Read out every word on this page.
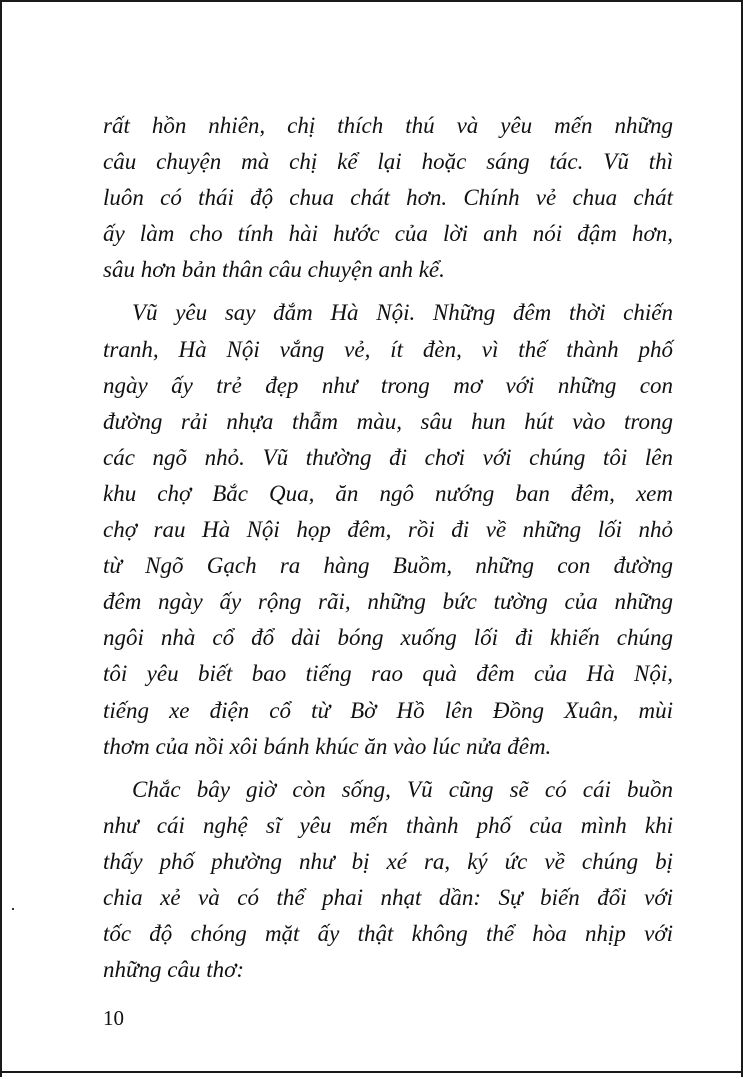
rất hồn nhiên, chị thích thú và yêu mến những
câu chuyện mà chị kể lại hoặc sáng tác. Vũ thì
luôn có thái độ chua chát hơn. Chính vẻ chua chát
ấy làm cho tính hài hước của lời anh nói đậm hơn,
sâu hơn bản thân câu chuyện anh kể.
Vũ yêu say đắm Hà Nội. Những đêm thời chiến
tranh, Hà Nội vắng vẻ, ít đèn, vì thế thành phố
ngày ấy trẻ đẹp như trong mơ với những con
đường rải nhựa thẫm màu, sâu hun hút vào trong
các ngõ nhỏ. Vũ thường đi chơi với chúng tôi lên
khu chợ Bắc Qua, ăn ngô nướng ban đêm, xem
chợ rau Hà Nội họp đêm, rồi đi về những lối nhỏ
từ Ngõ Gạch ra hàng Buồm, những con đường
đêm ngày ấy rộng rãi, những bức tường của những
ngôi nhà cổ đổ dài bóng xuống lối đi khiến chúng
tôi yêu biết bao tiếng rao quà đêm của Hà Nội,
tiếng xe điện cổ từ Bờ Hồ lên Đồng Xuân, mùi
thơm của nồi xôi bánh khúc ăn vào lúc nửa đêm.
Chắc bây giờ còn sống, Vũ cũng sẽ có cái buồn
như cái nghệ sĩ yêu mến thành phố của mình khi
thấy phố phường như bị xé ra, ký ức về chúng bị
chia xẻ và có thể phai nhạt dần: Sự biến đổi với
tốc độ chóng mặt ấy thật không thể hòa nhịp với
những câu thơ:
10
